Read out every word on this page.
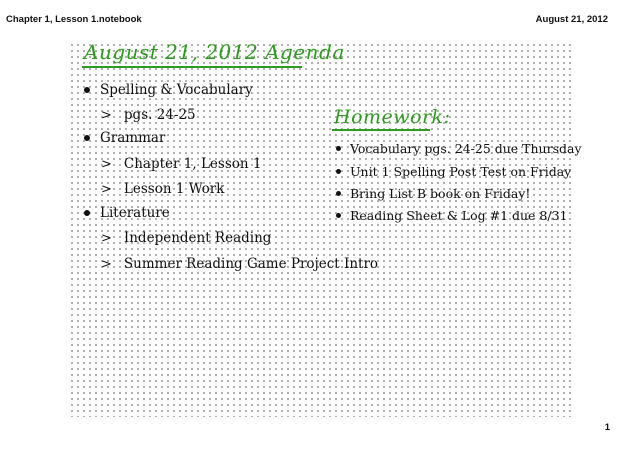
Chapter 1, Lesson 1.notebook	August 21, 2012
August 21, 2012 Agenda
Spelling & Vocabulary
> pgs. 24-25
Grammar
> Chapter 1, Lesson 1
> Lesson 1 Work
Literature
> Independent Reading
> Summer Reading Game Project Intro
Homework:
Vocabulary pgs. 24-25 due Thursday
Unit 1 Spelling Post Test on Friday
Bring List B book on Friday!
Reading Sheet & Log #1 due 8/31
1
